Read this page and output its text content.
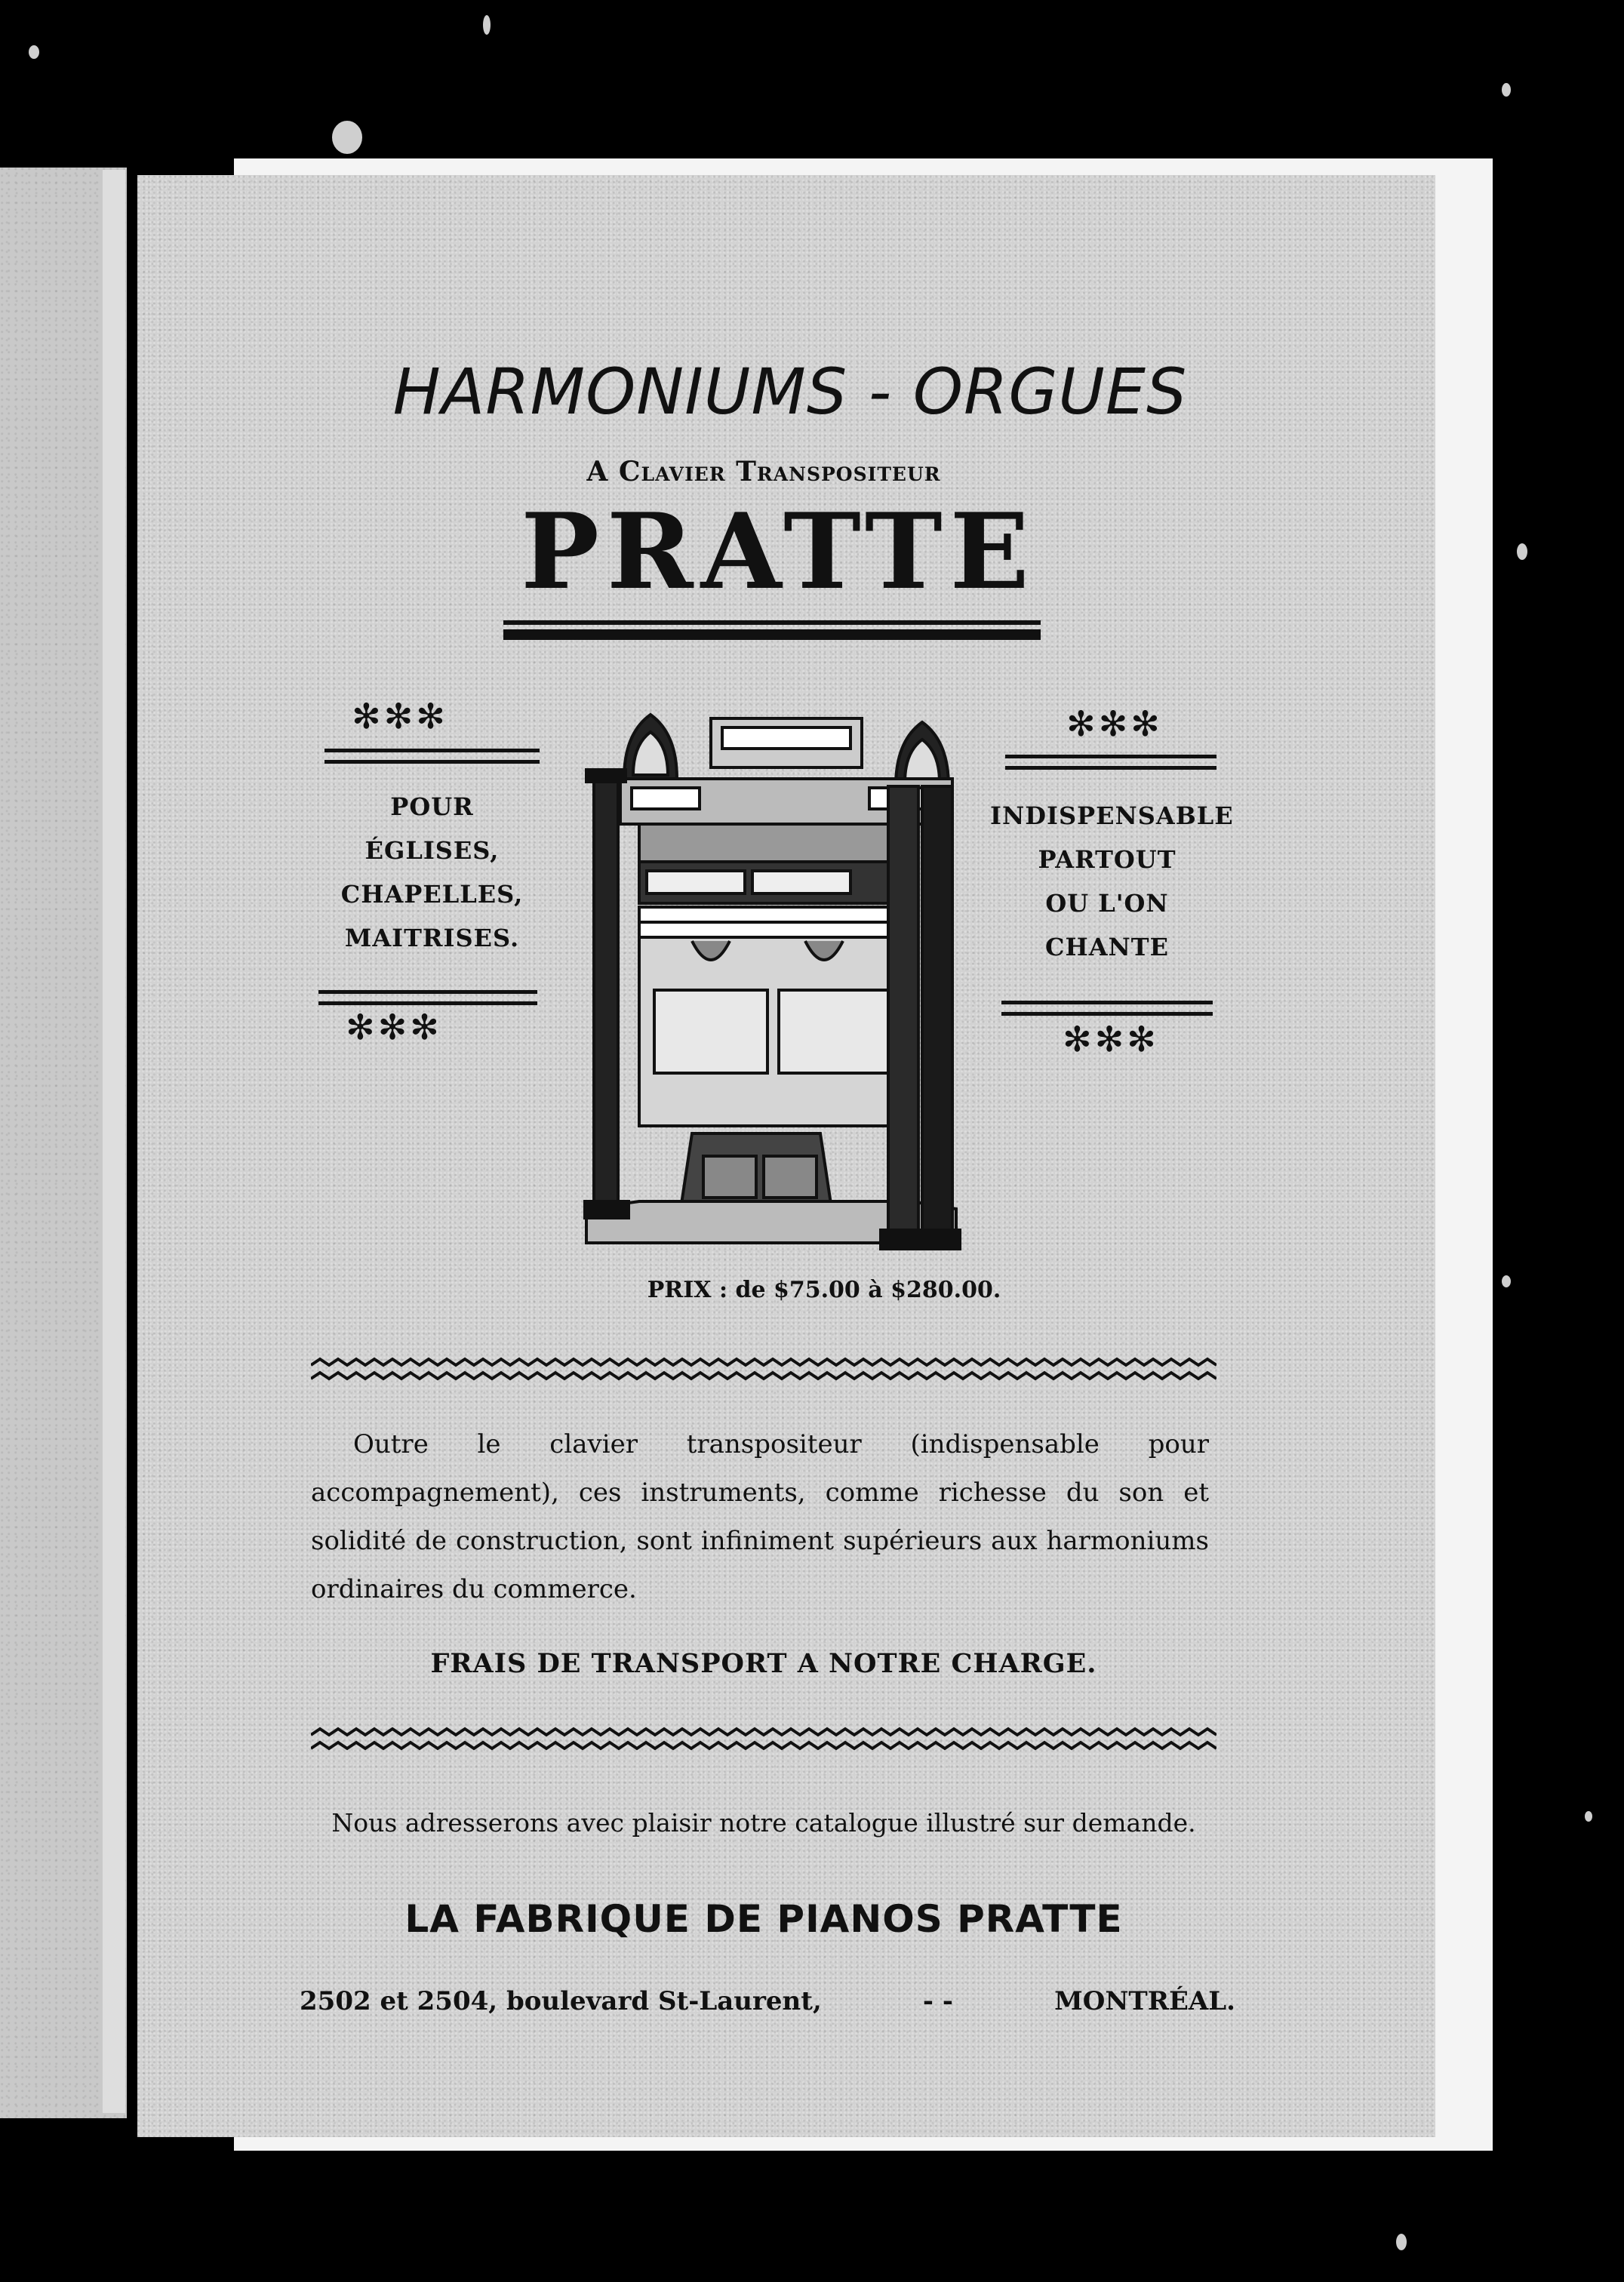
HARMONIUMS - ORGUES
A Clavier Transpositeur
PRATTE
✻✻✻
POUR
ÉGLISES,
CHAPELLES,
MAITRISES.
✻✻✻
✻✻✻
INDISPENSABLE
PARTOUT
OU L'ON
CHANTE
✻✻✻
PRIX : de $75.00 à $280.00.
Outre le clavier transpositeur (indispensable pour accompagnement), ces instruments, comme richesse du son et solidité de construction, sont infiniment supérieurs aux harmoniums ordinaires du commerce.
FRAIS DE TRANSPORT A NOTRE CHARGE.
Nous adresserons avec plaisir notre catalogue illustré sur demande.
LA FABRIQUE DE PIANOS PRATTE
2502 et 2504, boulevard St-Laurent,	- -	MONTRÉAL.
